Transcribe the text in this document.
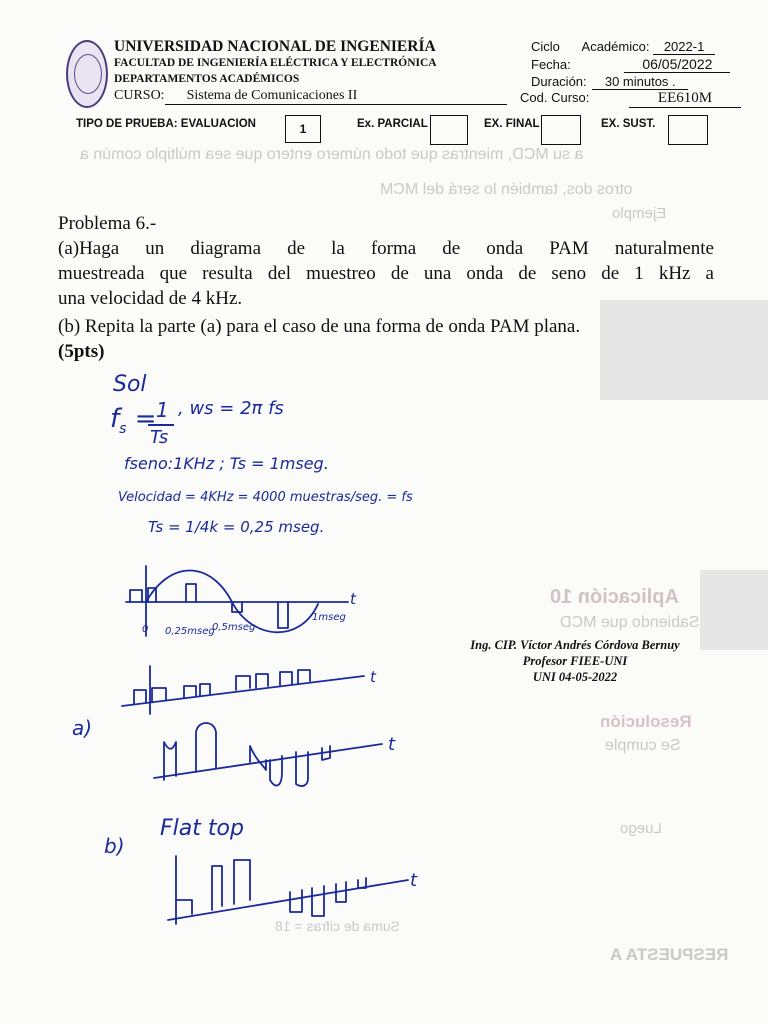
a su MCD, mientras que todo número entero que sea múltiplo común a
otros dos, también lo será del MCM
Ejemplo
Aplicación 10
Sabiendo que MCD
Resolución
Se cumple
Luego
RESPUESTA A
Suma de cifras = 18
UNIVERSIDAD NACIONAL DE INGENIERÍA
FACULTAD DE INGENIERÍA ELÉCTRICA Y ELECTRÓNICA
DEPARTAMENTOS ACADÉMICOS
CURSO: Sistema de Comunicaciones II
Ciclo Académico: 2022-1
Fecha:	06/05/2022
Duración: 30 minutos .
Cod. Curso:	EE610M
TIPO DE PRUEBA: EVALUACION	1	Ex. PARCIAL	EX. FINAL	EX. SUST.
Problema 6.-
(a)Haga un diagrama de la forma de onda PAM naturalmente
muestreada que resulta del muestreo de una onda de seno de 1 kHz a
una velocidad de 4 kHz.
(b) Repita la parte (a) para el caso de una forma de onda PAM plana.
(5pts)
Sol
$f_s = 1$
Ts
, ws = 2π fs
fseno:1KHz ; Ts = 1mseg.
Velocidad = 4KHz = 4000 muestras/seg. = fs
Ts = 1/4k = 0,25 mseg.
t
0 0,25mseg
0,5mseg
1mseg
t
a)
t
b)
Flat top
t
Ing. CIP. Víctor Andrés Córdova Bernuy
Profesor FIEE-UNI
UNI 04-05-2022
